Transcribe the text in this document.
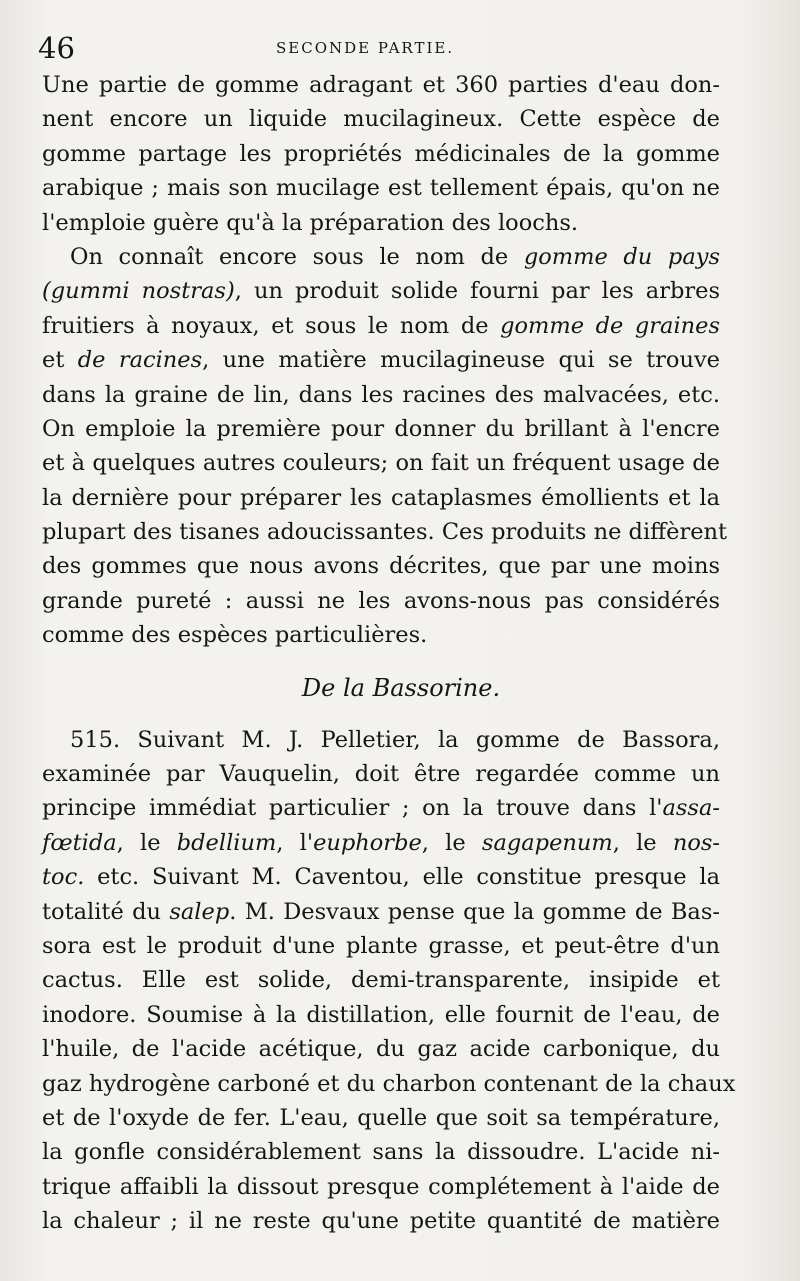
46	SECONDE PARTIE.
Une partie de gomme adragant et 360 parties d'eau don-
nent encore un liquide mucilagineux. Cette espèce de
gomme partage les propriétés médicinales de la gomme
arabique ; mais son mucilage est tellement épais, qu'on ne
l'emploie guère qu'à la préparation des loochs.
On connaît encore sous le nom de gomme du pays
(gummi nostras), un produit solide fourni par les arbres
fruitiers à noyaux, et sous le nom de gomme de graines
et de racines, une matière mucilagineuse qui se trouve
dans la graine de lin, dans les racines des malvacées, etc.
On emploie la première pour donner du brillant à l'encre
et à quelques autres couleurs; on fait un fréquent usage de
la dernière pour préparer les cataplasmes émollients et la
plupart des tisanes adoucissantes. Ces produits ne diffèrent
des gommes que nous avons décrites, que par une moins
grande pureté : aussi ne les avons-nous pas considérés
comme des espèces particulières.
De la Bassorine.
515. Suivant M. J. Pelletier, la gomme de Bassora,
examinée par Vauquelin, doit être regardée comme un
principe immédiat particulier ; on la trouve dans l'assa-
fœtida, le bdellium, l'euphorbe, le sagapenum, le nos-
toc. etc. Suivant M. Caventou, elle constitue presque la
totalité du salep. M. Desvaux pense que la gomme de Bas-
sora est le produit d'une plante grasse, et peut-être d'un
cactus. Elle est solide, demi-transparente, insipide et
inodore. Soumise à la distillation, elle fournit de l'eau, de
l'huile, de l'acide acétique, du gaz acide carbonique, du
gaz hydrogène carboné et du charbon contenant de la chaux
et de l'oxyde de fer. L'eau, quelle que soit sa température,
la gonfle considérablement sans la dissoudre. L'acide ni-
trique affaibli la dissout presque complétement à l'aide de
la chaleur ; il ne reste qu'une petite quantité de matière
